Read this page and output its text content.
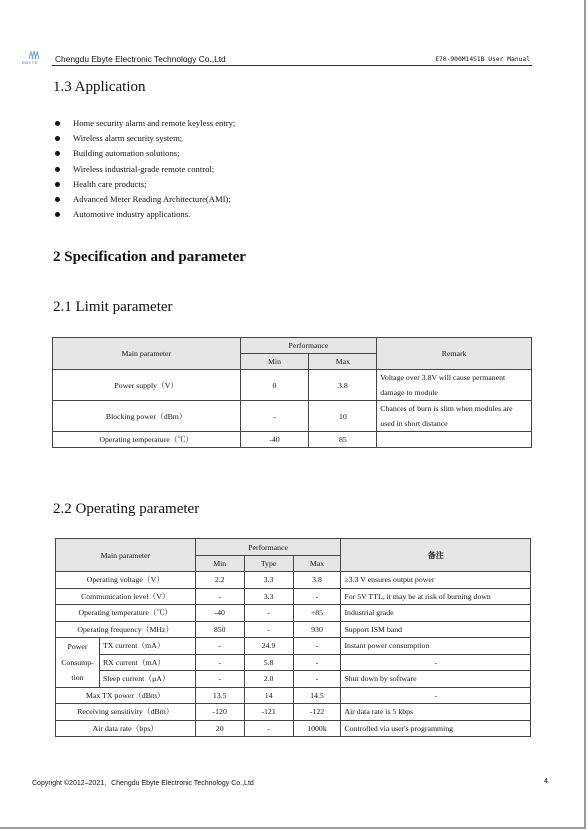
EBYTE Chengdu Ebyte Electronic Technology Co.,Ltd	E70-900M14S1B User Manual
1.3 Application
Home security alarm and remote keyless entry;
Wireless alarm security system;
Building automation solutions;
Wireless industrial-grade remote control;
Health care products;
Advanced Meter Reading Architecture(AMI);
Automotive industry applications.
2 Specification and parameter
2.1 Limit parameter
Main parameter	Performance		Remark
	Min	Max	
Power supply（V）	0	3.8	Voltage over 3.8V will cause permanent damage to module
Blocking power（dBm）	-	10	Chances of burn is slim when modules are used in short distance
Operating temperature（℃）	-40	85	
2.2 Operating parameter
Main parameter		Performance			备注
		Min	Type	Max	
Operating voltage（V）		2.2	3.3	3.8	≥3.3 V ensures output power
Communication level（V）		-	3.3	-	For 5V TTL, it may be at risk of burning down
Operating temperature（℃）		-40	-	+85	Industrial grade
Operating frequency（MHz）		850	-	930	Support ISM band
Power
Consump-
tion	TX current（mA）	-	24.9	-	Instant power consumption
	RX current（mA）	-	5.8	-	-
	Sleep current（μA）	-	2.0	-	Shut down by software
Max TX power（dBm）		13.5	14	14.5	-
Receiving sensitivity（dBm）		-120	-121	-122	Air data rate is 5 kbps
Air data rate（bps）		20	-	1000k	Controlled via user's programming
Copyright ©2012–2021，Chengdu Ebyte Electronic Technology Co.,Ltd	4
